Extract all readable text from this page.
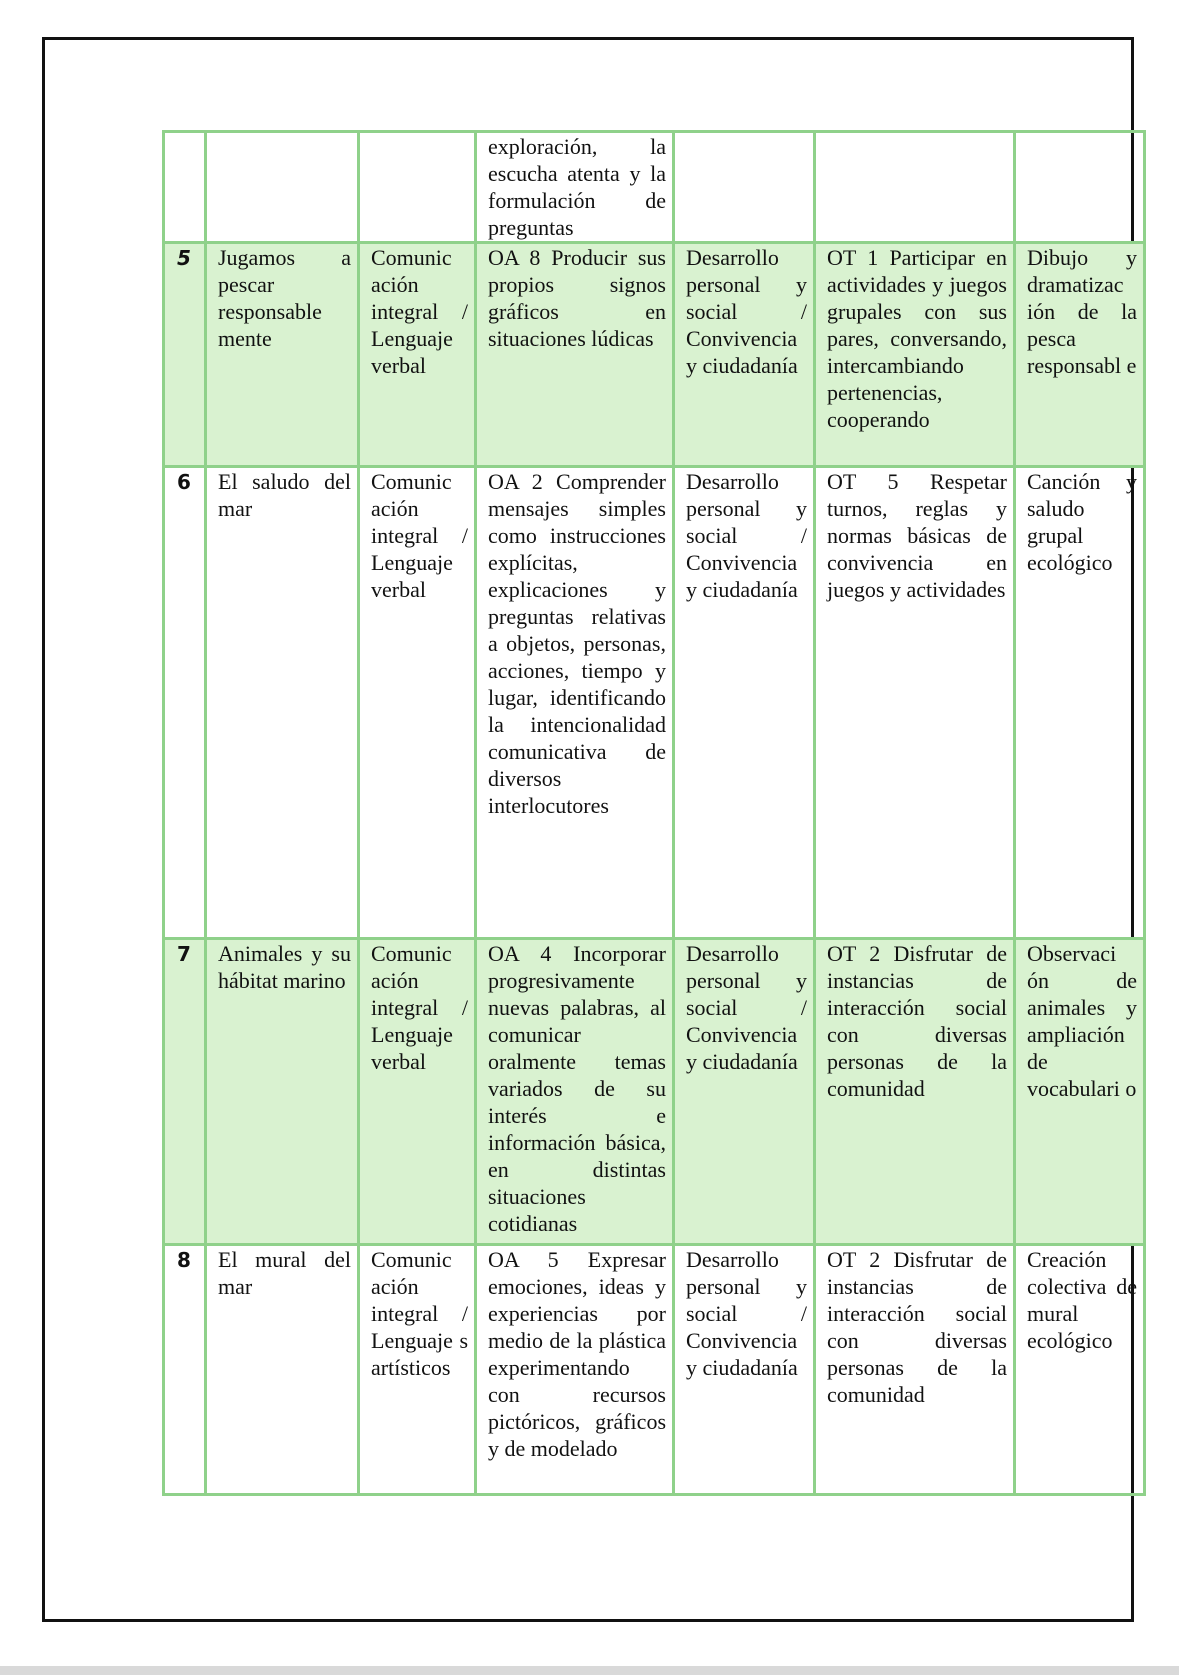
			exploración, la escucha atenta y la formulación de preguntas			
5	Jugamos a pescar responsable mente	Comunic ación integral / Lenguaje verbal	OA 8 Producir sus propios signos gráficos en situaciones lúdicas	Desarrollo personal y social / Convivencia y ciudadanía	OT 1 Participar en actividades y juegos grupales con sus pares, conversando, intercambiando pertenencias, cooperando	Dibujo y dramatizac ión de la pesca responsabl e
6	El saludo del mar	Comunic ación integral / Lenguaje verbal	OA 2 Comprender mensajes simples como instrucciones explícitas, explicaciones y preguntas relativas a objetos, personas, acciones, tiempo y lugar, identificando la intencionalidad comunicativa de diversos interlocutores	Desarrollo personal y social / Convivencia y ciudadanía	OT 5 Respetar turnos, reglas y normas básicas de convivencia en juegos y actividades	Canción y saludo grupal ecológico
7	Animales y su hábitat marino	Comunic ación integral / Lenguaje verbal	OA 4 Incorporar progresivamente nuevas palabras, al comunicar oralmente temas variados de su interés e información básica, en distintas situaciones cotidianas	Desarrollo personal y social / Convivencia y ciudadanía	OT 2 Disfrutar de instancias de interacción social con diversas personas de la comunidad	Observaci ón de animales y ampliación de vocabulari o
8	El mural del mar	Comunic ación integral / Lenguaje s artísticos	OA 5 Expresar emociones, ideas y experiencias por medio de la plástica experimentando con recursos pictóricos, gráficos y de modelado	Desarrollo personal y social / Convivencia y ciudadanía	OT 2 Disfrutar de instancias de interacción social con diversas personas de la comunidad	Creación colectiva de mural ecológico
